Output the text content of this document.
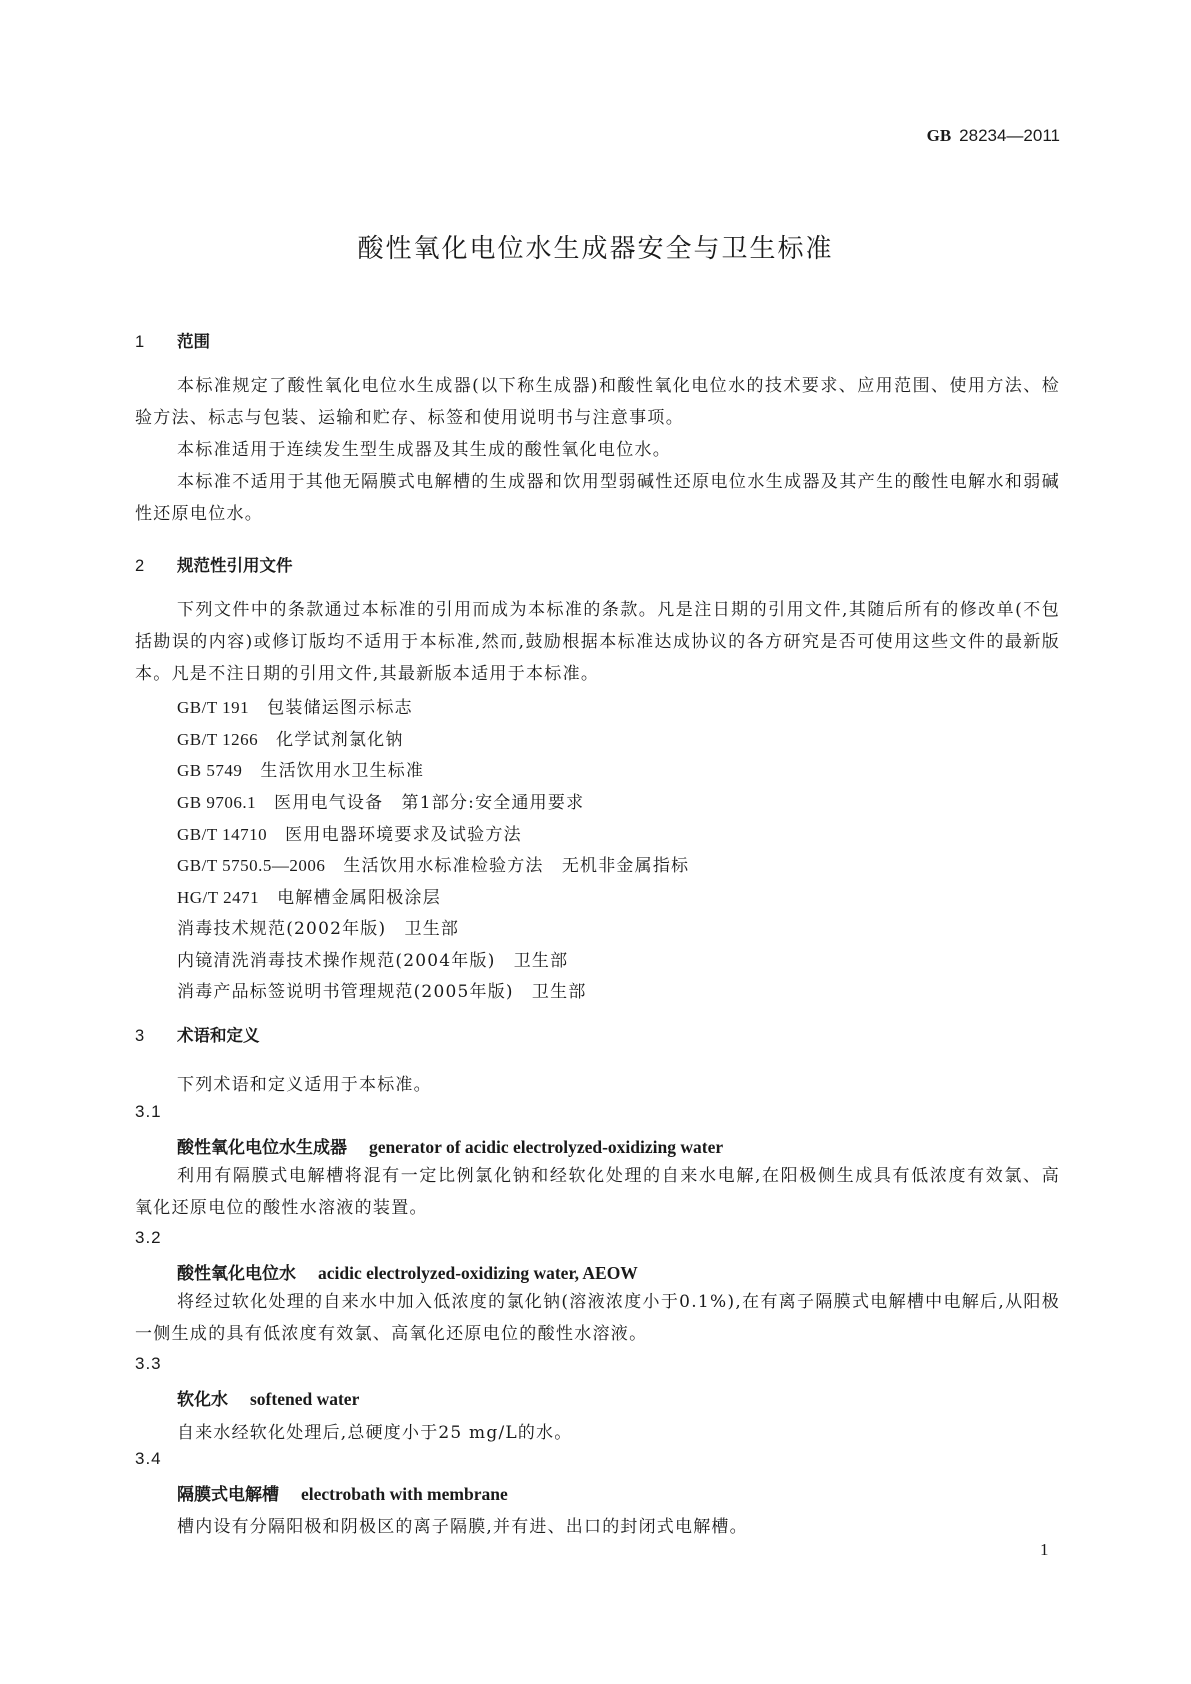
GB 28234—2011
酸性氧化电位水生成器安全与卫生标准
1 范围
本标准规定了酸性氧化电位水生成器(以下称生成器)和酸性氧化电位水的技术要求、应用范围、使用方法、检验方法、标志与包装、运输和贮存、标签和使用说明书与注意事项。
本标准适用于连续发生型生成器及其生成的酸性氧化电位水。
本标准不适用于其他无隔膜式电解槽的生成器和饮用型弱碱性还原电位水生成器及其产生的酸性电解水和弱碱性还原电位水。
2 规范性引用文件
下列文件中的条款通过本标准的引用而成为本标准的条款。凡是注日期的引用文件,其随后所有的修改单(不包括勘误的内容)或修订版均不适用于本标准,然而,鼓励根据本标准达成协议的各方研究是否可使用这些文件的最新版本。凡是不注日期的引用文件,其最新版本适用于本标准。
GB/T 191 包装储运图示标志
GB/T 1266 化学试剂氯化钠
GB 5749 生活饮用水卫生标准
GB 9706.1 医用电气设备　第1部分:安全通用要求
GB/T 14710 医用电器环境要求及试验方法
GB/T 5750.5—2006 生活饮用水标准检验方法　无机非金属指标
HG/T 2471 电解槽金属阳极涂层
消毒技术规范(2002年版)　卫生部
内镜清洗消毒技术操作规范(2004年版)　卫生部
消毒产品标签说明书管理规范(2005年版)　卫生部
3 术语和定义
下列术语和定义适用于本标准。
3.1
酸性氧化电位水生成器 generator of acidic electrolyzed-oxidizing water
利用有隔膜式电解槽将混有一定比例氯化钠和经软化处理的自来水电解,在阳极侧生成具有低浓度有效氯、高氧化还原电位的酸性水溶液的装置。
3.2
酸性氧化电位水 acidic electrolyzed-oxidizing water, AEOW
将经过软化处理的自来水中加入低浓度的氯化钠(溶液浓度小于0.1%),在有离子隔膜式电解槽中电解后,从阳极一侧生成的具有低浓度有效氯、高氧化还原电位的酸性水溶液。
3.3
软化水 softened water
自来水经软化处理后,总硬度小于25 mg/L的水。
3.4
隔膜式电解槽 electrobath with membrane
槽内设有分隔阳极和阴极区的离子隔膜,并有进、出口的封闭式电解槽。
1
